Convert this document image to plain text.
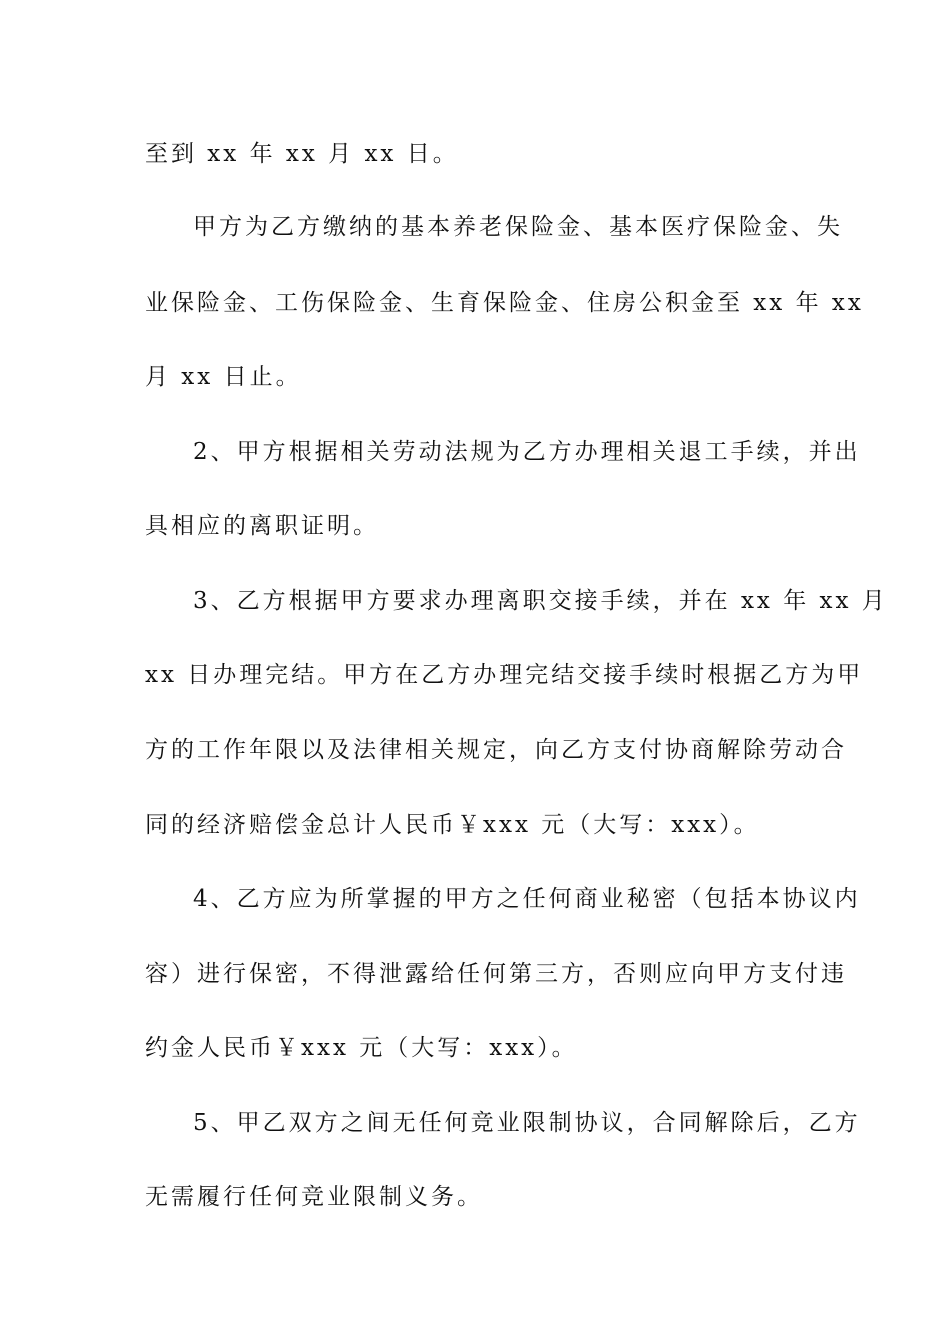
至到 xx 年 xx 月 xx 日。
甲方为乙方缴纳的基本养老保险金、基本医疗保险金、失
业保险金、工伤保险金、生育保险金、住房公积金至 xx 年 xx
月 xx 日止。
2、甲方根据相关劳动法规为乙方办理相关退工手续，并出
具相应的离职证明。
3、乙方根据甲方要求办理离职交接手续，并在 xx 年 xx 月
xx 日办理完结。甲方在乙方办理完结交接手续时根据乙方为甲
方的工作年限以及法律相关规定，向乙方支付协商解除劳动合
同的经济赔偿金总计人民币￥xxx 元（大写：xxx）。
4、乙方应为所掌握的甲方之任何商业秘密（包括本协议内
容）进行保密，不得泄露给任何第三方，否则应向甲方支付违
约金人民币￥xxx 元（大写：xxx）。
5、甲乙双方之间无任何竞业限制协议，合同解除后，乙方
无需履行任何竞业限制义务。
